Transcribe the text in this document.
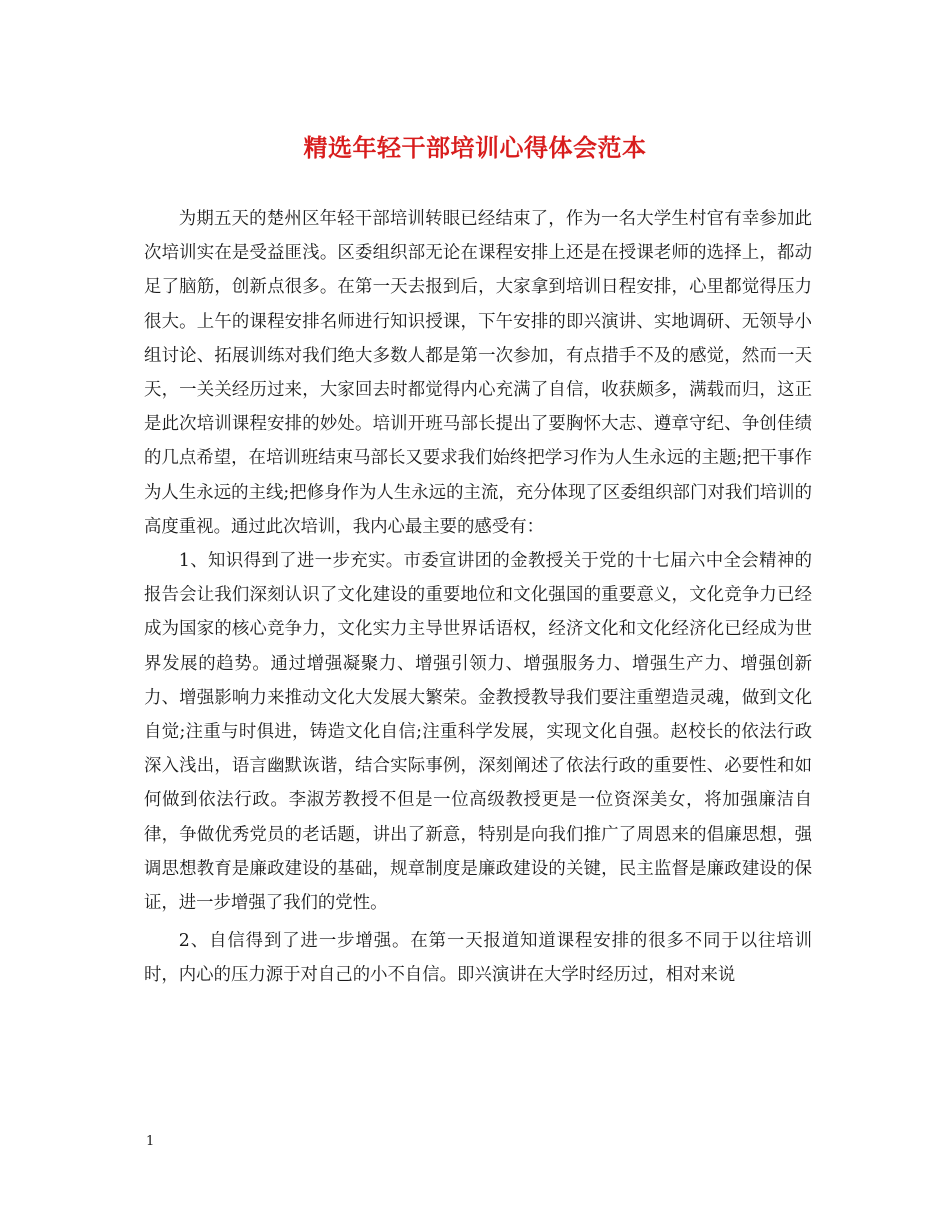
精选年轻干部培训心得体会范本

为期五天的楚州区年轻干部培训转眼已经结束了，作为一名大学生村官有幸参加此次培训实在是受益匪浅。区委组织部无论在课程安排上还是在授课老师的选择上，都动足了脑筋，创新点很多。在第一天去报到后，大家拿到培训日程安排，心里都觉得压力很大。上午的课程安排名师进行知识授课，下午安排的即兴演讲、实地调研、无领导小组讨论、拓展训练对我们绝大多数人都是第一次参加，有点措手不及的感觉，然而一天天，一关关经历过来，大家回去时都觉得内心充满了自信，收获颇多，满载而归，这正是此次培训课程安排的妙处。培训开班马部长提出了要胸怀大志、遵章守纪、争创佳绩的几点希望，在培训班结束马部长又要求我们始终把学习作为人生永远的主题;把干事作为人生永远的主线;把修身作为人生永远的主流，充分体现了区委组织部门对我们培训的高度重视。通过此次培训，我内心最主要的感受有：

1、知识得到了进一步充实。市委宣讲团的金教授关于党的十七届六中全会精神的报告会让我们深刻认识了文化建设的重要地位和文化强国的重要意义，文化竞争力已经成为国家的核心竞争力，文化实力主导世界话语权，经济文化和文化经济化已经成为世界发展的趋势。通过增强凝聚力、增强引领力、增强服务力、增强生产力、增强创新力、增强影响力来推动文化大发展大繁荣。金教授教导我们要注重塑造灵魂，做到文化自觉;注重与时俱进，铸造文化自信;注重科学发展，实现文化自强。赵校长的依法行政深入浅出，语言幽默诙谐，结合实际事例，深刻阐述了依法行政的重要性、必要性和如何做到依法行政。李淑芳教授不但是一位高级教授更是一位资深美女，将加强廉洁自律，争做优秀党员的老话题，讲出了新意，特别是向我们推广了周恩来的倡廉思想，强调思想教育是廉政建设的基础，规章制度是廉政建设的关键，民主监督是廉政建设的保证，进一步增强了我们的党性。

2、自信得到了进一步增强。在第一天报道知道课程安排的很多不同于以往培训时，内心的压力源于对自己的小不自信。即兴演讲在大学时经历过，相对来说

1
